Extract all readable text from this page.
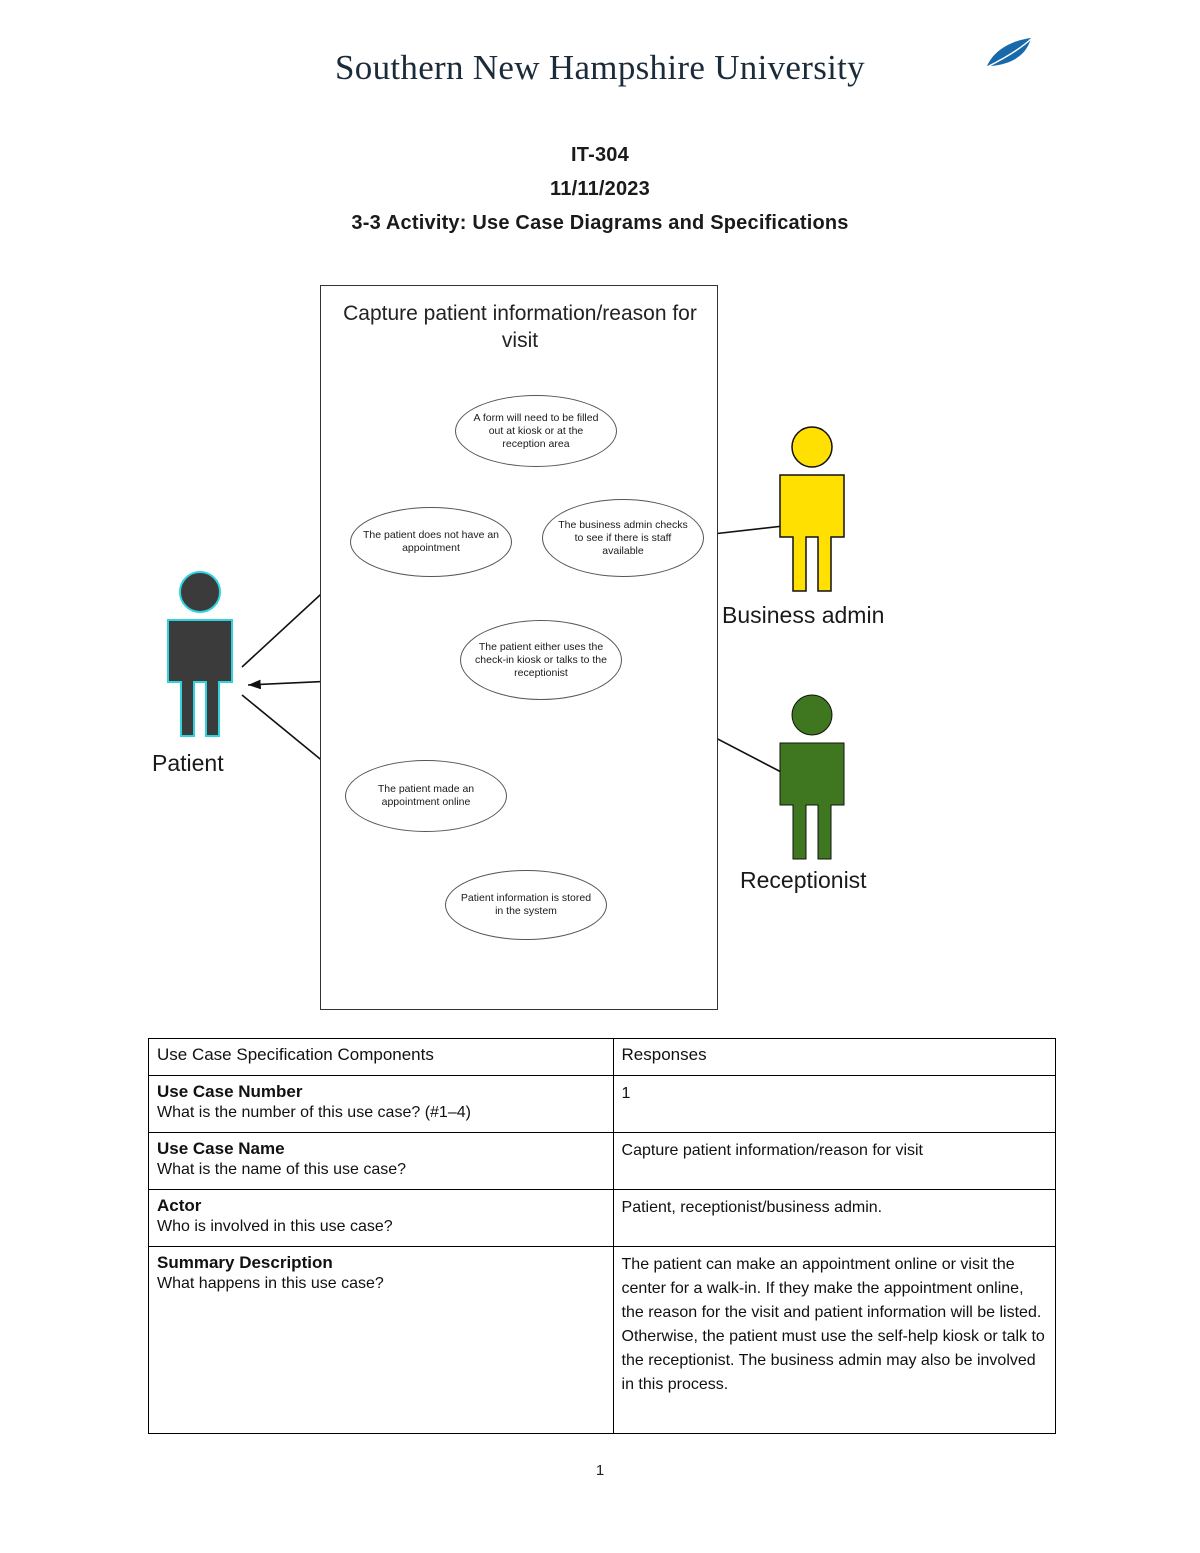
Southern New Hampshire University
IT-304
11/11/2023
3-3 Activity: Use Case Diagrams and Specifications
Capture patient information/reason for visit
A form will need to be filled out at kiosk or at the reception area
The patient does not have an appointment
The business admin checks to see if there is staff available
The patient either uses the check-in kiosk or talks to the receptionist
The patient made an appointment online
Patient information is stored in the system
Patient
Business admin
Receptionist
Use Case Specification Components	Responses

Use Case Number
What is the number of this use case? (#1–4)	1

Use Case Name
What is the name of this use case?	Capture patient information/reason for visit

Actor
Who is involved in this use case?	Patient, receptionist/business admin.

Summary Description
What happens in this use case?	The patient can make an appointment online or visit the center for a walk-in. If they make the appointment online, the reason for the visit and patient information will be listed. Otherwise, the patient must use the self-help kiosk or talk to the receptionist. The business admin may also be involved in this process.
1
